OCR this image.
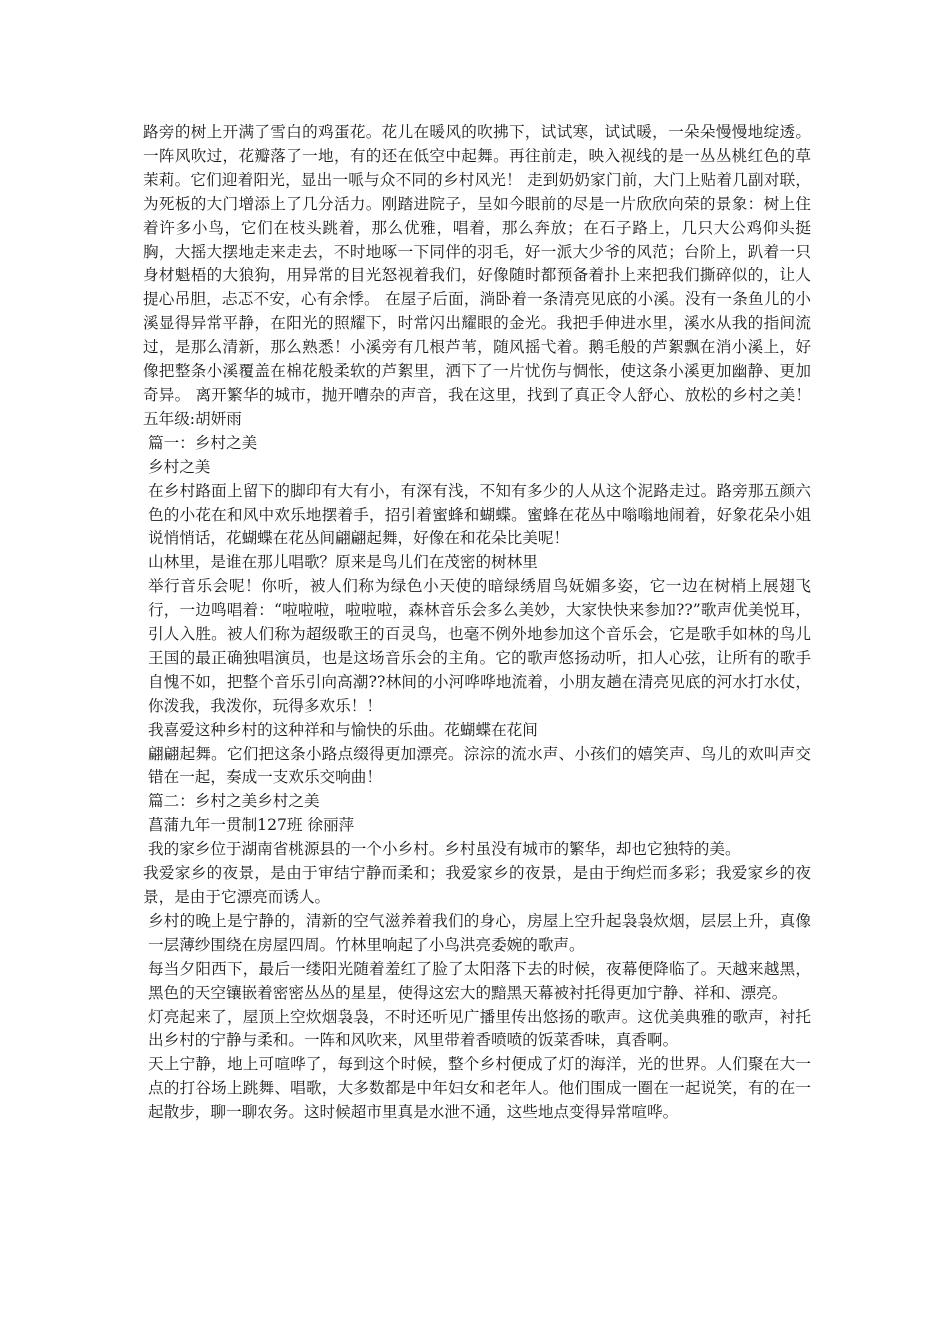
路旁的树上开满了雪白的鸡蛋花。花儿在暖风的吹拂下，试试寒，试试暖，一朵朵慢慢地绽透。一阵风吹过，花瓣落了一地，有的还在低空中起舞。再往前走，映入视线的是一丛丛桃红色的草茉莉。它们迎着阳光，显出一哌与众不同的乡村风光！ 走到奶奶家门前，大门上贴着几副对联，为死板的大门增添上了几分活力。刚踏进院子，呈如今眼前的尽是一片欣欣向荣的景象：树上住着许多小鸟，它们在枝头跳着，那么优雅，唱着，那么奔放；在石子路上，几只大公鸡仰头挺胸，大摇大摆地走来走去，不时地啄一下同伴的羽毛，好一派大少爷的风范；台阶上，趴着一只身材魁梧的大狼狗，用异常的目光怒视着我们，好像随时都预备着扑上来把我们撕碎似的，让人提心吊胆，忐忑不安，心有余悸。 在屋子后面，淌卧着一条清亮见底的小溪。没有一条鱼儿的小溪显得异常平静，在阳光的照耀下，时常闪出耀眼的金光。我把手伸进水里，溪水从我的指间流过，是那么清新，那么熟悉！小溪旁有几根芦苇，随风摇弋着。鹅毛般的芦絮飘在消小溪上，好像把整条小溪覆盖在棉花般柔软的芦絮里，洒下了一片忧伤与惆怅，使这条小溪更加幽静、更加奇异。 离开繁华的城市，抛开嘈杂的声音，我在这里，找到了真正令人舒心、放松的乡村之美！五年级:胡妍雨

篇一：乡村之美

乡村之美

在乡村路面上留下的脚印有大有小，有深有浅，不知有多少的人从这个泥路走过。路旁那五颜六色的小花在和风中欢乐地摆着手，招引着蜜蜂和蝴蝶。蜜蜂在花丛中嗡嗡地闹着，好象花朵小姐说悄悄话，花蝴蝶在花丛间翩翩起舞，好像在和花朵比美呢！

山林里，是谁在那儿唱歌？原来是鸟儿们在茂密的树林里

举行音乐会呢！你听，被人们称为绿色小天使的暗绿绣眉鸟妩媚多姿，它一边在树梢上展翅飞行，一边鸣唱着：“啦啦啦，啦啦啦，森林音乐会多么美妙，大家快快来参加??”歌声优美悦耳，引人入胜。被人们称为超级歌王的百灵鸟，也毫不例外地参加这个音乐会，它是歌手如林的鸟儿王国的最正确独唱演员，也是这场音乐会的主角。它的歌声悠扬动听，扣人心弦，让所有的歌手自愧不如，把整个音乐引向高潮??林间的小河哗哗地流着，小朋友趟在清亮见底的河水打水仗，你泼我，我泼你，玩得多欢乐！！

我喜爱这种乡村的这种祥和与愉快的乐曲。花蝴蝶在花间

翩翩起舞。它们把这条小路点缀得更加漂亮。淙淙的流水声、小孩们的嬉笑声、鸟儿的欢叫声交错在一起，奏成一支欢乐交响曲！

篇二：乡村之美乡村之美

菖蒲九年一贯制127班 徐丽萍

我的家乡位于湖南省桃源县的一个小乡村。乡村虽没有城市的繁华，却也它独特的美。

我爱家乡的夜景，是由于审结宁静而柔和；我爱家乡的夜景，是由于绚烂而多彩；我爱家乡的夜景，是由于它漂亮而诱人。

乡村的晚上是宁静的，清新的空气滋养着我们的身心，房屋上空升起袅袅炊烟，层层上升，真像一层薄纱围绕在房屋四周。竹林里响起了小鸟洪亮委婉的歌声。

每当夕阳西下，最后一缕阳光随着羞红了脸了太阳落下去的时候，夜幕便降临了。天越来越黑，黑色的天空镶嵌着密密丛丛的星星，使得这宏大的黯黑天幕被衬托得更加宁静、祥和、漂亮。

灯亮起来了，屋顶上空炊烟袅袅，不时还听见广播里传出悠扬的歌声。这优美典雅的歌声，衬托出乡村的宁静与柔和。一阵和风吹来，风里带着香喷喷的饭菜香味，真香啊。

天上宁静，地上可喧哗了，每到这个时候，整个乡村便成了灯的海洋，光的世界。人们聚在大一点的打谷场上跳舞、唱歌，大多数都是中年妇女和老年人。他们围成一圈在一起说笑，有的在一起散步，聊一聊农务。这时候超市里真是水泄不通，这些地点变得异常喧哗。
